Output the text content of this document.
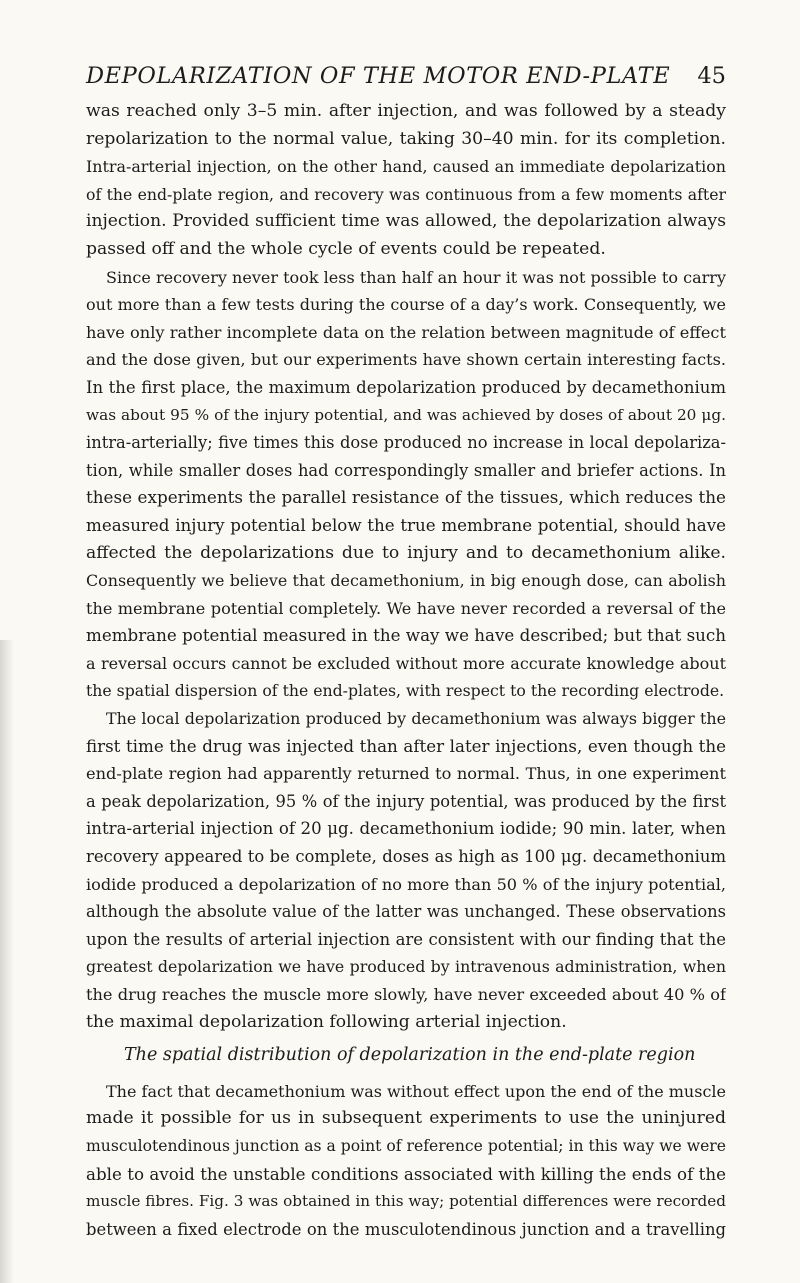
DEPOLARIZATION OF THE MOTOR END-PLATE 45
was reached only 3–5 min. after injection, and was followed by a steady
repolarization to the normal value, taking 30–40 min. for its completion.
Intra-arterial injection, on the other hand, caused an immediate depolarization
of the end-plate region, and recovery was continuous from a few moments after
injection. Provided sufficient time was allowed, the depolarization always
passed off and the whole cycle of events could be repeated.
Since recovery never took less than half an hour it was not possible to carry
out more than a few tests during the course of a day’s work. Consequently, we
have only rather incomplete data on the relation between magnitude of effect
and the dose given, but our experiments have shown certain interesting facts.
In the first place, the maximum depolarization produced by decamethonium
was about 95 % of the injury potential, and was achieved by doses of about 20 μg.
intra-arterially; five times this dose produced no increase in local depolariza-
tion, while smaller doses had correspondingly smaller and briefer actions. In
these experiments the parallel resistance of the tissues, which reduces the
measured injury potential below the true membrane potential, should have
affected the depolarizations due to injury and to decamethonium alike.
Consequently we believe that decamethonium, in big enough dose, can abolish
the membrane potential completely. We have never recorded a reversal of the
membrane potential measured in the way we have described; but that such
a reversal occurs cannot be excluded without more accurate knowledge about
the spatial dispersion of the end-plates, with respect to the recording electrode.
The local depolarization produced by decamethonium was always bigger the
first time the drug was injected than after later injections, even though the
end-plate region had apparently returned to normal. Thus, in one experiment
a peak depolarization, 95 % of the injury potential, was produced by the first
intra-arterial injection of 20 μg. decamethonium iodide; 90 min. later, when
recovery appeared to be complete, doses as high as 100 μg. decamethonium
iodide produced a depolarization of no more than 50 % of the injury potential,
although the absolute value of the latter was unchanged. These observations
upon the results of arterial injection are consistent with our finding that the
greatest depolarization we have produced by intravenous administration, when
the drug reaches the muscle more slowly, have never exceeded about 40 % of
the maximal depolarization following arterial injection.
The spatial distribution of depolarization in the end-plate region
The fact that decamethonium was without effect upon the end of the muscle
made it possible for us in subsequent experiments to use the uninjured
musculotendinous junction as a point of reference potential; in this way we were
able to avoid the unstable conditions associated with killing the ends of the
muscle fibres. Fig. 3 was obtained in this way; potential differences were recorded
between a fixed electrode on the musculotendinous junction and a travelling
